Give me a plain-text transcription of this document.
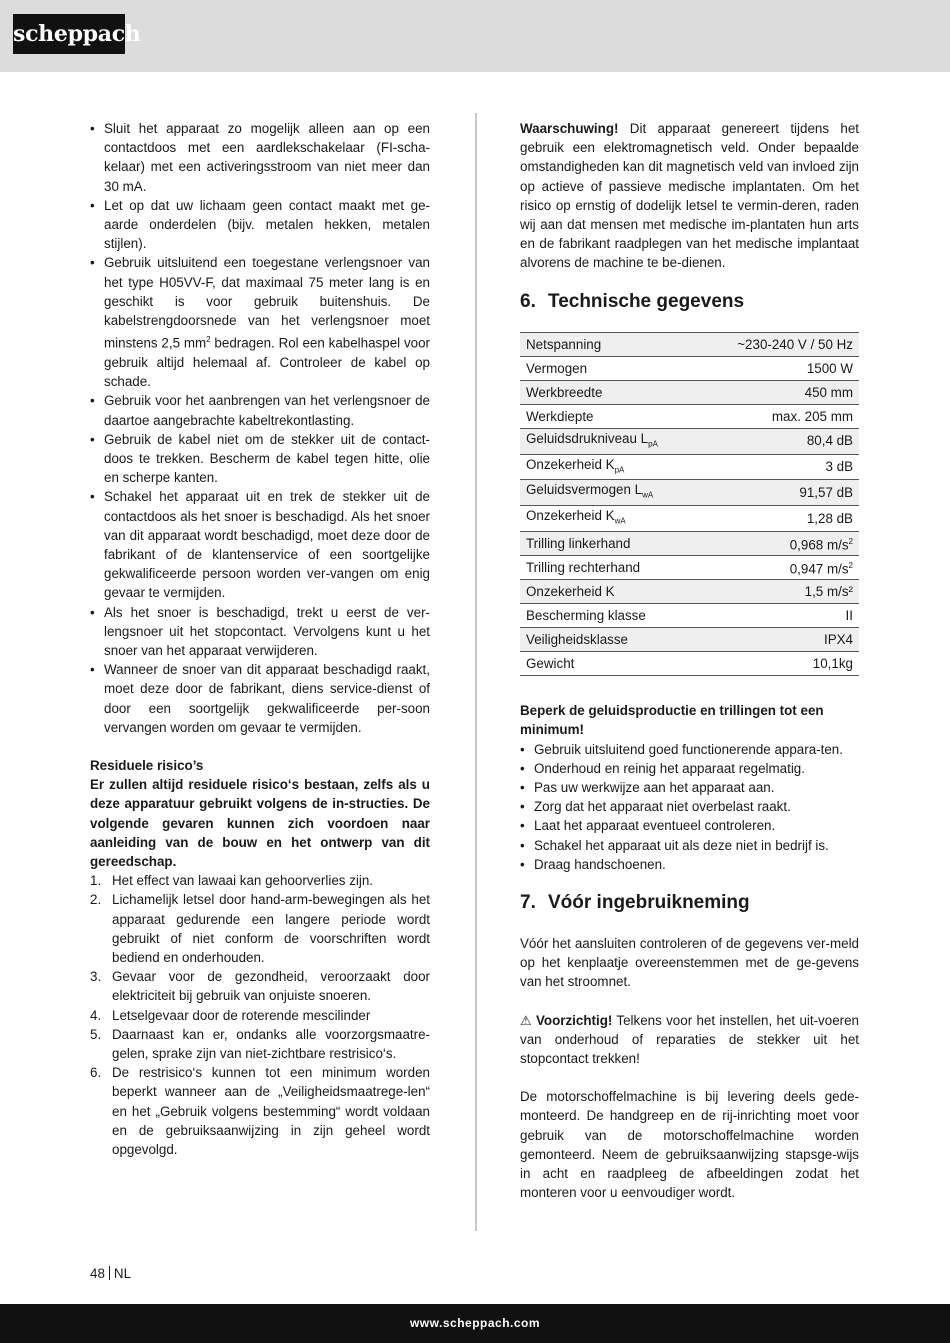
scheppach
• Sluit het apparaat zo mogelijk alleen aan op een contactdoos met een aardlekschakelaar (FI-scha-kelaar) met een activeringsstroom van niet meer dan 30 mA.
• Let op dat uw lichaam geen contact maakt met ge-aarde onderdelen (bijv. metalen hekken, metalen stijlen).
• Gebruik uitsluitend een toegestane verlengsnoer van het type H05VV-F, dat maximaal 75 meter lang is en geschikt is voor gebruik buitenshuis. De kabelstrengdoorsnede van het verlengsnoer moet minstens 2,5 $mm^2$ bedragen. Rol een kabelhaspel voor gebruik altijd helemaal af. Controleer de kabel op schade.
• Gebruik voor het aanbrengen van het verlengsnoer de daartoe aangebrachte kabeltrekontlasting.
• Gebruik de kabel niet om de stekker uit de contact-doos te trekken. Bescherm de kabel tegen hitte, olie en scherpe kanten.
• Schakel het apparaat uit en trek de stekker uit de contactdoos als het snoer is beschadigd. Als het snoer van dit apparaat wordt beschadigd, moet deze door de fabrikant of de klantenservice of een soortgelijke gekwalificeerde persoon worden ver-vangen om enig gevaar te vermijden.
• Als het snoer is beschadigd, trekt u eerst de ver-lengsnoer uit het stopcontact. Vervolgens kunt u het snoer van het apparaat verwijderen.
• Wanneer de snoer van dit apparaat beschadigd raakt, moet deze door de fabrikant, diens service-dienst of door een soortgelijk gekwalificeerde per-soon vervangen worden om gevaar te vermijden.

Residuele risico’s

Er zullen altijd residuele risico‘s bestaan, zelfs als u deze apparatuur gebruikt volgens de in-structies. De volgende gevaren kunnen zich voordoen naar aanleiding van de bouw en het ontwerp van dit gereedschap.

1. Het effect van lawaai kan gehoorverlies zijn.
2. Lichamelijk letsel door hand-arm-bewegingen als het apparaat gedurende een langere periode wordt gebruikt of niet conform de voorschriften wordt bediend en onderhouden.
3. Gevaar voor de gezondheid, veroorzaakt door elektriciteit bij gebruik van onjuiste snoeren.
4. Letselgevaar door de roterende mescilinder
5. Daarnaast kan er, ondanks alle voorzorgsmaatre-gelen, sprake zijn van niet-zichtbare restrisico‘s.
6. De restrisico‘s kunnen tot een minimum worden beperkt wanneer aan de „Veiligheidsmaatrege-len“ en het „Gebruik volgens bestemming“ wordt voldaan en de gebruiksaanwijzing in zijn geheel wordt opgevolgd.

Waarschuwing! Dit apparaat genereert tijdens het gebruik een elektromagnetisch veld. Onder bepaalde omstandigheden kan dit magnetisch veld van invloed zijn op actieve of passieve medische implantaten. Om het risico op ernstig of dodelijk letsel te vermin-deren, raden wij aan dat mensen met medische im-plantaten hun arts en de fabrikant raadplegen van het medische implantaat alvorens de machine te be-dienen.

6. Technische gegevens
Netspanning	~230-240 V / 50 Hz
Vermogen	1500 W
Werkbreedte	450 mm
Werkdiepte	max. 205 mm
Geluidsdrukniveau $L_{pA}$	80,4 dB
Onzekerheid $K_{pA}$	3 dB
Geluidsvermogen $L_{wA}$	91,57 dB
Onzekerheid $K_{wA}$	1,28 dB
Trilling linkerhand	0,968 $m/s^2$
Trilling rechterhand	0,947 $m/s^2$
Onzekerheid K	1,5 m/s²
Bescherming klasse	II
Veiligheidsklasse	IPX4
Gewicht	10,1kg

Beperk de geluidsproductie en trillingen tot een minimum!

• Gebruik uitsluitend goed functionerende appara-ten.
• Onderhoud en reinig het apparaat regelmatig.
• Pas uw werkwijze aan het apparaat aan.
• Zorg dat het apparaat niet overbelast raakt.
• Laat het apparaat eventueel controleren.
• Schakel het apparaat uit als deze niet in bedrijf is.
• Draag handschoenen.
7. Vóór ingebruikneming

Vóór het aansluiten controleren of de gegevens ver-meld op het kenplaatje overeenstemmen met de ge-gevens van het stroomnet.

⚠ Voorzichtig! Telkens voor het instellen, het uit-voeren van onderhoud of reparaties de stekker uit het stopcontact trekken!

De motorschoffelmachine is bij levering deels gede-monteerd. De handgreep en de rij-inrichting moet voor gebruik van de motorschoffelmachine worden gemonteerd. Neem de gebruiksaanwijzing stapsge-wijs in acht en raadpleeg de afbeeldingen zodat het monteren voor u eenvoudiger wordt.

48 NL
www.scheppach.com
